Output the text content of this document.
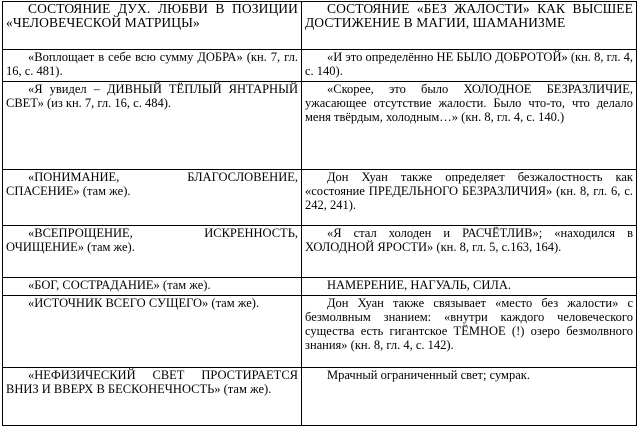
СОСТОЯНИЕ ДУХ. ЛЮБВИ В ПОЗИЦИИ «ЧЕЛОВЕЧЕСКОЙ МАТРИЦЫ»	СОСТОЯНИЕ «БЕЗ ЖАЛОСТИ» КАК ВЫСШЕЕ ДОСТИЖЕНИЕ В МАГИИ, ШАМАНИЗМЕ
«Воплощает в себе всю сумму ДОБРА» (кн. 7, гл. 16, с. 481).	«И это определённо НЕ БЫЛО ДОБРОТОЙ» (кн. 8, гл. 4, с. 140).
«Я увидел – ДИВНЫЙ ТЁПЛЫЙ ЯНТАРНЫЙ СВЕТ» (из кн. 7, гл. 16, с. 484).	«Скорее, это было ХОЛОДНОЕ БЕЗРАЗЛИЧИЕ, ужасающее отсутствие жалости. Было что-то, что делало меня твёрдым, холодным…» (кн. 8, гл. 4, с. 140.)
«ПОНИМАНИЕ, БЛАГОСЛОВЕНИЕ, СПАСЕНИЕ» (там же).	Дон Хуан также определяет безжалостность как «состояние ПРЕДЕЛЬНОГО БЕЗРАЗЛИЧИЯ» (кн. 8, гл. 6, с. 242, 241).
«ВСЕПРОЩЕНИЕ, ИСКРЕННОСТЬ, ОЧИЩЕНИЕ» (там же).	«Я стал холоден и РАСЧЁТЛИВ»; «находился в ХОЛОДНОЙ ЯРОСТИ» (кн. 8, гл. 5, с.163, 164).
«БОГ, СОСТРАДАНИЕ» (там же).	НАМЕРЕНИЕ, НАГУАЛЬ, СИЛА.
«ИСТОЧНИК ВСЕГО СУЩЕГО» (там же).	Дон Хуан также связывает «место без жалости» с безмолвным знанием: «внутри каждого человеческого существа есть гигантское ТЁМНОЕ (!) озеро безмолвного знания» (кн. 8, гл. 4, с. 142).
«НЕФИЗИЧЕСКИЙ СВЕТ ПРОСТИРАЕТСЯ ВНИЗ И ВВЕРХ В БЕСКОНЕЧНОСТЬ» (там же).	Мрачный ограниченный свет; сумрак.
